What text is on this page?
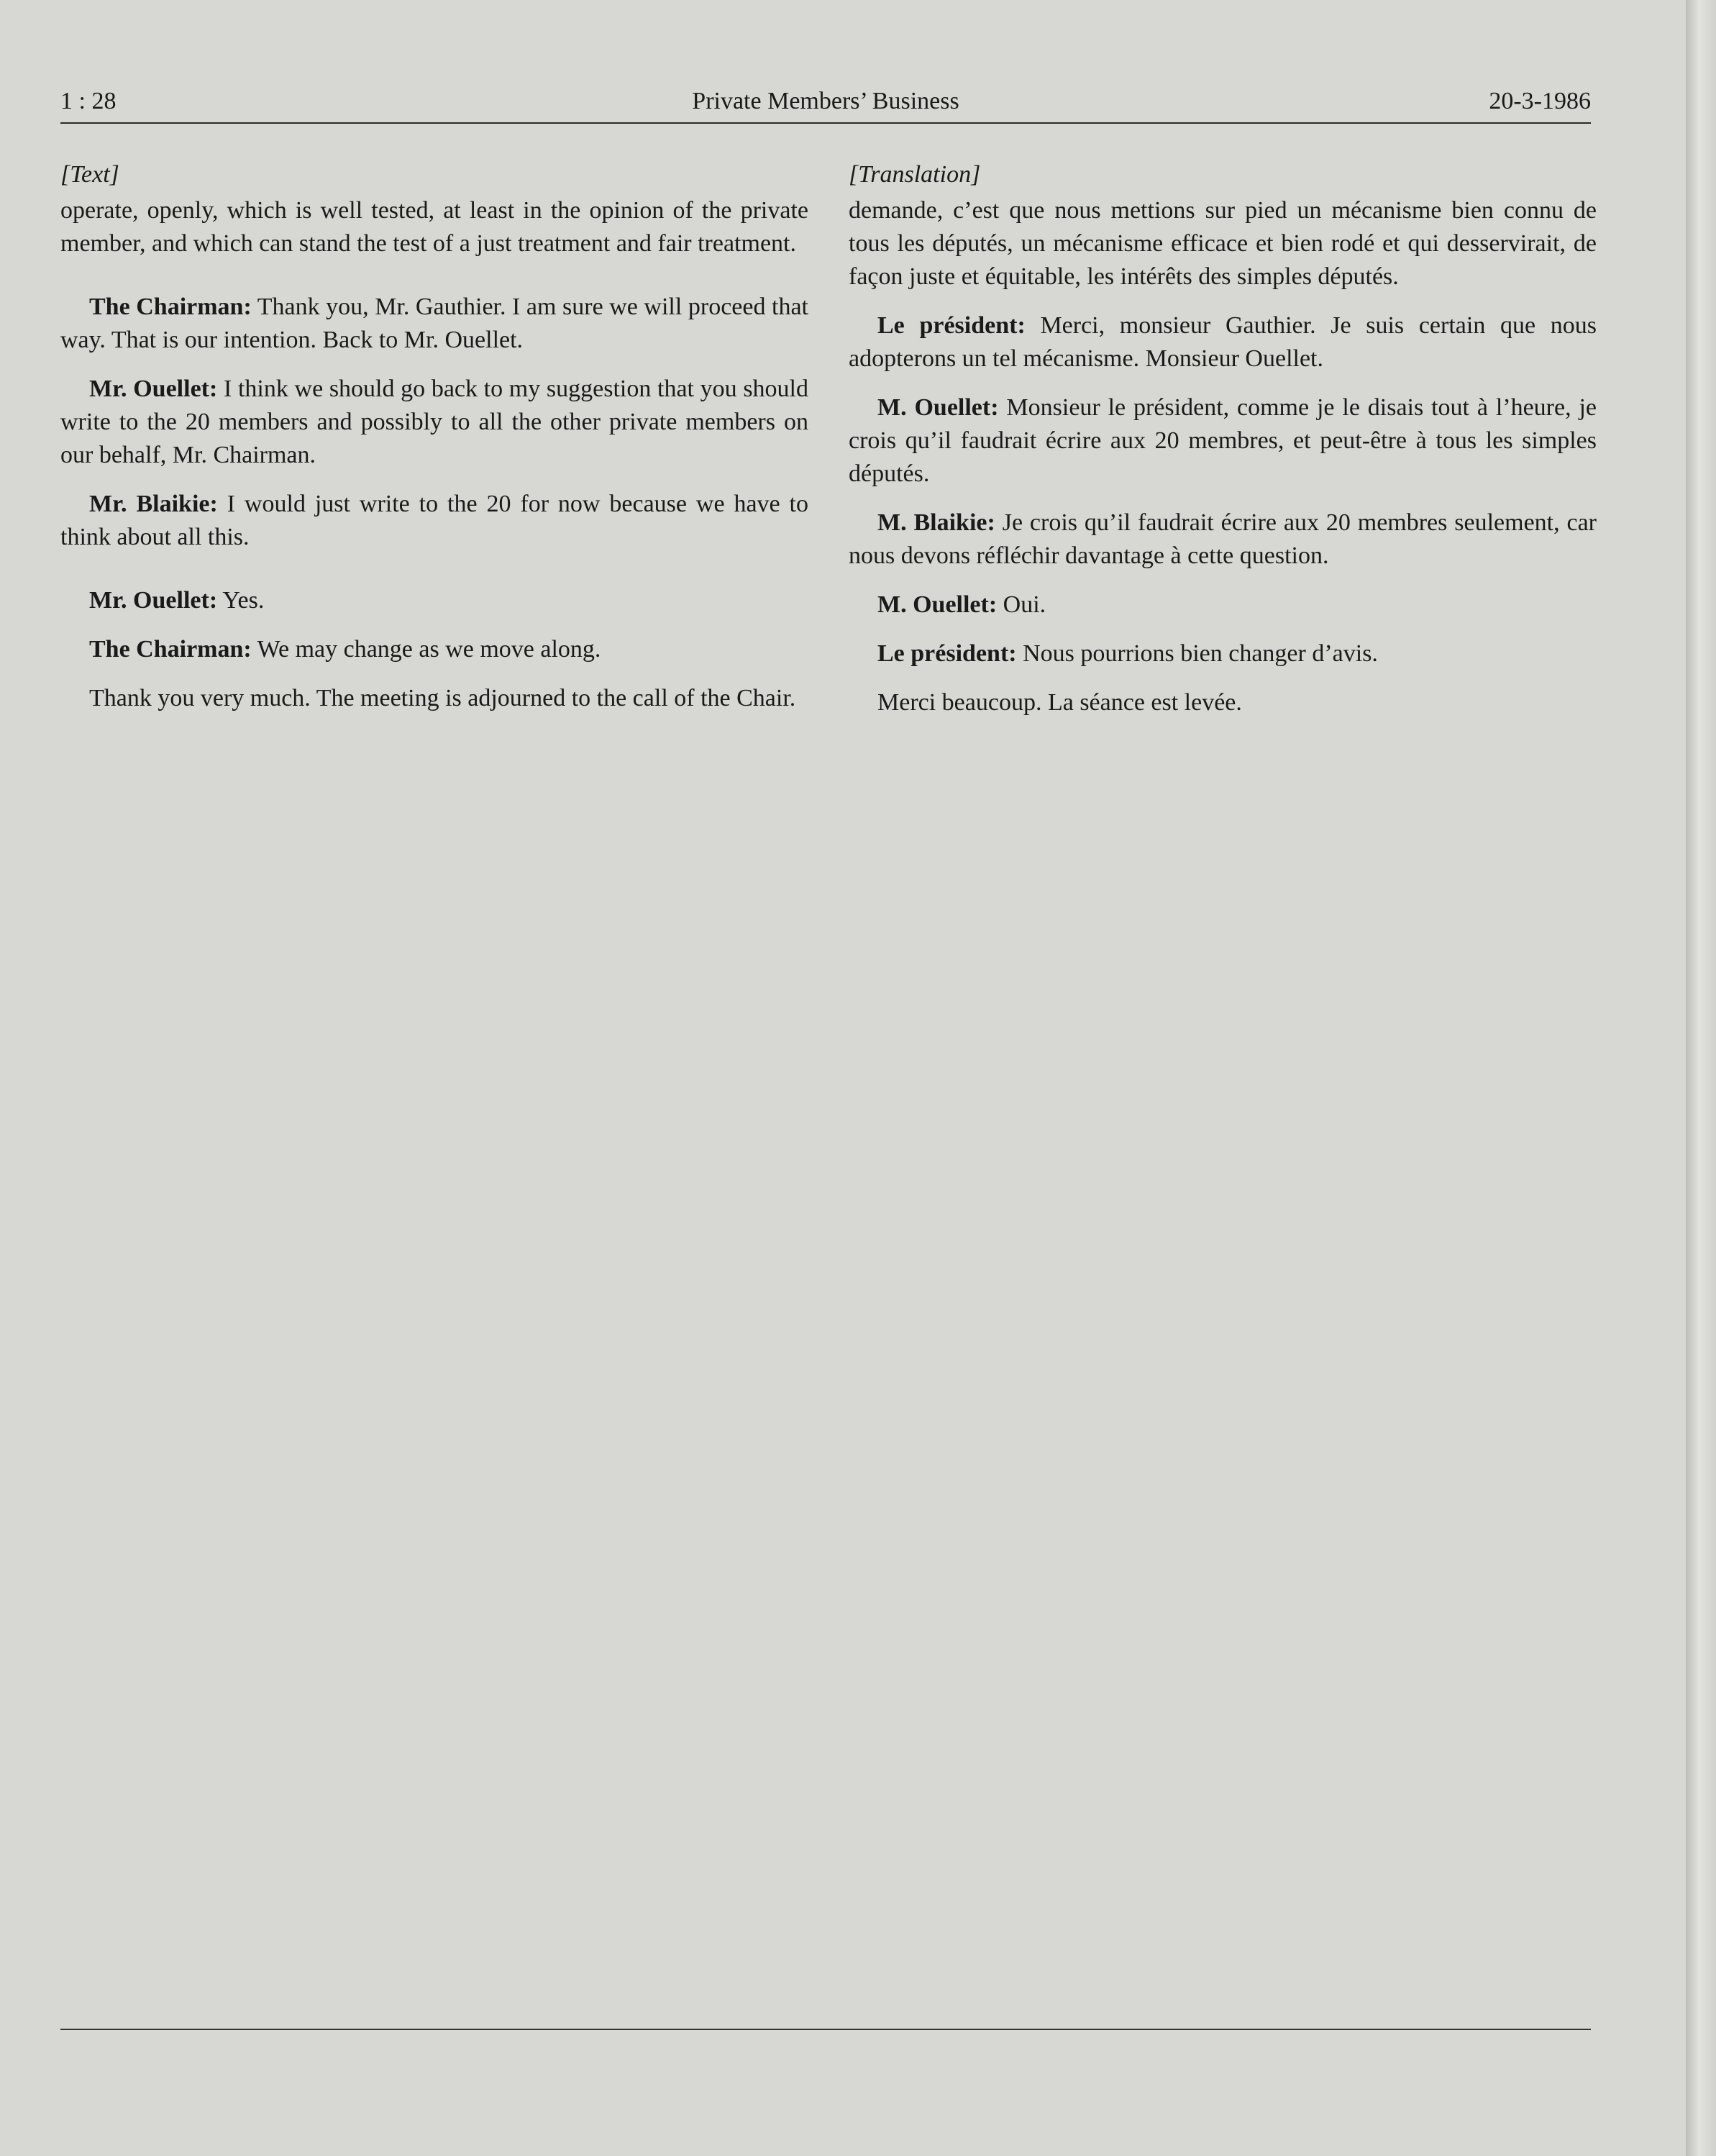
1 : 28	Private Members’ Business	20-3-1986
[Text]

operate, openly, which is well tested, at least in the opinion of the private member, and which can stand the test of a just treatment and fair treatment.

The Chairman: Thank you, Mr. Gauthier. I am sure we will proceed that way. That is our intention. Back to Mr. Ouellet.

Mr. Ouellet: I think we should go back to my suggestion that you should write to the 20 members and possibly to all the other private members on our behalf, Mr. Chairman.

Mr. Blaikie: I would just write to the 20 for now because we have to think about all this.

Mr. Ouellet: Yes.

The Chairman: We may change as we move along.

Thank you very much. The meeting is adjourned to the call of the Chair.

[Translation]

demande, c’est que nous mettions sur pied un mécanisme bien connu de tous les députés, un mécanisme efficace et bien rodé et qui desservirait, de façon juste et équitable, les intérêts des simples députés.

Le président: Merci, monsieur Gauthier. Je suis certain que nous adopterons un tel mécanisme. Monsieur Ouellet.

M. Ouellet: Monsieur le président, comme je le disais tout à l’heure, je crois qu’il faudrait écrire aux 20 membres, et peut-être à tous les simples députés.

M. Blaikie: Je crois qu’il faudrait écrire aux 20 membres seulement, car nous devons réfléchir davantage à cette question.

M. Ouellet: Oui.

Le président: Nous pourrions bien changer d’avis.

Merci beaucoup. La séance est levée.
